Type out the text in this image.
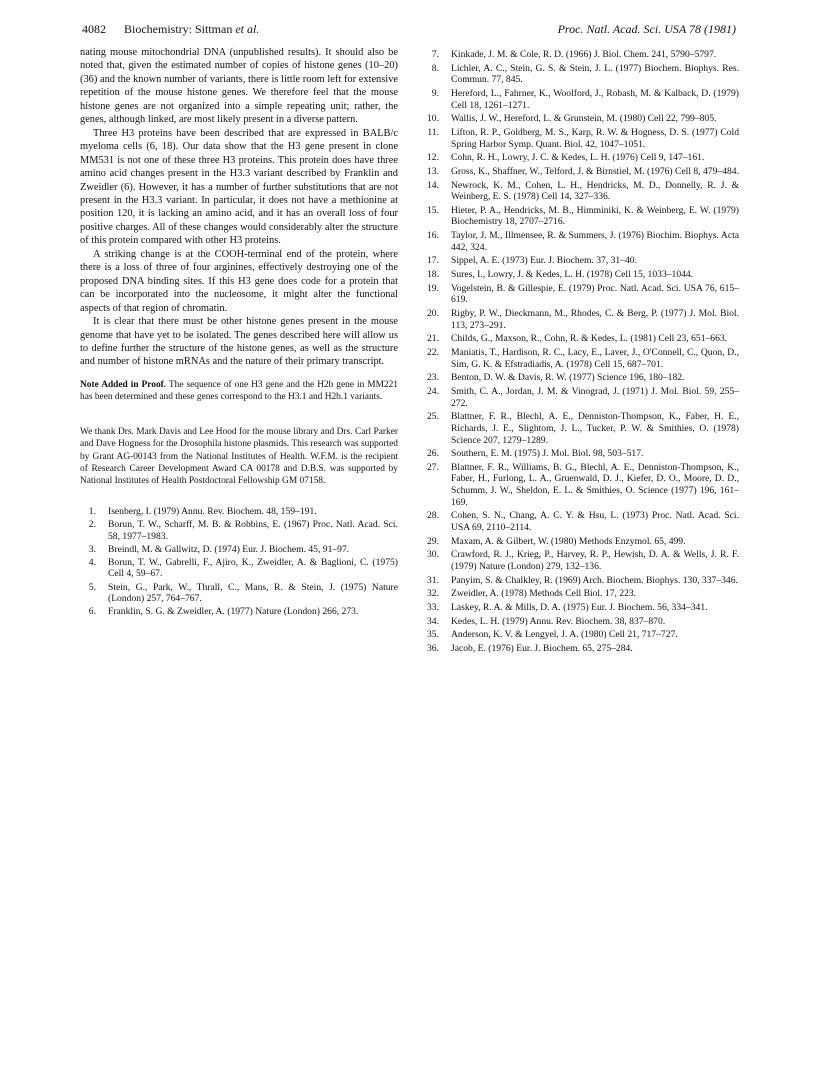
4082 Biochemistry: Sittman et al.	Proc. Natl. Acad. Sci. USA 78 (1981)

nating mouse mitochondrial DNA (unpublished results). It should also be noted that, given the estimated number of copies of histone genes (10–20) (36) and the known number of variants, there is little room left for extensive repetition of the mouse histone genes. We therefore feel that the mouse histone genes are not organized into a simple repeating unit; rather, the genes, although linked, are most likely present in a diverse pattern.

Three H3 proteins have been described that are expressed in BALB/c myeloma cells (6, 18). Our data show that the H3 gene present in clone MM531 is not one of these three H3 proteins. This protein does have three amino acid changes present in the H3.3 variant described by Franklin and Zweidler (6). However, it has a number of further substitutions that are not present in the H3.3 variant. In particular, it does not have a methionine at position 120, it is lacking an amino acid, and it has an overall loss of four positive charges. All of these changes would considerably alter the structure of this protein compared with other H3 proteins.

A striking change is at the COOH-terminal end of the protein, where there is a loss of three of four arginines, effectively destroying one of the proposed DNA binding sites. If this H3 gene does code for a protein that can be incorporated into the nucleosome, it might alter the functional aspects of that region of chromatin.

It is clear that there must be other histone genes present in the mouse genome that have yet to be isolated. The genes described here will allow us to define further the structure of the histone genes, as well as the structure and number of histone mRNAs and the nature of their primary transcript.

Note Added in Proof. The sequence of one H3 gene and the H2b gene in MM221 has been determined and these genes correspond to the H3.1 and H2b.1 variants.

We thank Drs. Mark Davis and Lee Hood for the mouse library and Drs. Carl Parker and Dave Hogness for the Drosophila histone plasmids. This research was supported by Grant AG-00143 from the National Institutes of Health. W.F.M. is the recipient of Research Career Development Award CA 00178 and D.B.S. was supported by National Institutes of Health Postdoctoral Fellowship GM 07158.

1. Isenberg, I. (1979) Annu. Rev. Biochem. 48, 159–191.
2. Borun, T. W., Scharff, M. B. & Robbins, E. (1967) Proc. Natl. Acad. Sci. 58, 1977–1983.
3. Breindl, M. & Gallwitz, D. (1974) Eur. J. Biochem. 45, 91–97.
4. Borun, T. W., Gabrelli, F., Ajiro, K., Zweidler, A. & Baglioni, C. (1975) Cell 4, 59–67.
5. Stein, G., Park, W., Thrall, C., Mans, R. & Stein, J. (1975) Nature (London) 257, 764–767.
6. Franklin, S. G. & Zweidler, A. (1977) Nature (London) 266, 273.
7. Kinkade, J. M. & Cole, R. D. (1966) J. Biol. Chem. 241, 5790–5797.
8. Lichler, A. C., Stein, G. S. & Stein, J. L. (1977) Biochem. Biophys. Res. Commun. 77, 845.
9. Hereford, L., Fahrner, K., Woolford, J., Robash, M. & Kalback, D. (1979) Cell 18, 1261–1271.
10. Wallis, J. W., Hereford, L. & Grunstein, M. (1980) Cell 22, 799–805.
11. Lifton, R. P., Goldberg, M. S., Karp, R. W. & Hogness, D. S. (1977) Cold Spring Harbor Symp. Quant. Biol. 42, 1047–1051.
12. Cohn, R. H., Lowry, J. C. & Kedes, L. H. (1976) Cell 9, 147–161.
13. Gross, K., Shaffner, W., Telford, J. & Birnstiel, M. (1976) Cell 8, 479–484.
14. Newrock, K. M., Cohen, L. H., Hendricks, M. D., Donnelly, R. J. & Weinberg, E. S. (1978) Cell 14, 327–336.
15. Hieter, P. A., Hendricks, M. B., Himminiki, K. & Weinberg, E. W. (1979) Biochemistry 18, 2707–2716.
16. Taylor, J. M., Illmensee, R. & Summers, J. (1976) Biochim. Biophys. Acta 442, 324.
17. Sippel, A. E. (1973) Eur. J. Biochem. 37, 31–40.
18. Sures, I., Lowry, J. & Kedes, L. H. (1978) Cell 15, 1033–1044.
19. Vogelstein, B. & Gillespie, E. (1979) Proc. Natl. Acad. Sci. USA 76, 615–619.
20. Rigby, P. W., Dieckmann, M., Rhodes, C. & Berg, P. (1977) J. Mol. Biol. 113, 273–291.
21. Childs, G., Maxson, R., Cohn, R. & Kedes, L. (1981) Cell 23, 651–663.
22. Maniatis, T., Hardison, R. C., Lacy, E., Laver, J., O'Connell, C., Quon, D., Sim, G. K. & Efstradiadis, A. (1978) Cell 15, 687–701.
23. Benton, D. W. & Davis, R. W. (1977) Science 196, 180–182.
24. Smith, C. A., Jordan, J. M. & Vinograd, J. (1971) J. Mol. Biol. 59, 255–272.
25. Blattner, F. R., Blechl, A. E., Denniston-Thompson, K., Faber, H. E., Richards, J. E., Slightom, J. L., Tucker, P. W. & Smithies, O. (1978) Science 207, 1279–1289.
26. Southern, E. M. (1975) J. Mol. Biol. 98, 503–517.
27. Blattner, F. R., Williams, B. G., Blechl, A. E., Denniston-Thompson, K., Faber, H., Furlong, L. A., Gruenwald, D. J., Kiefer, D. O., Moore, D. D., Schumm, J. W., Sheldon, E. L. & Smithies, O. Science (1977) 196, 161–169.
28. Cohen, S. N., Chang, A. C. Y. & Hsu, L. (1973) Proc. Natl. Acad. Sci. USA 69, 2110–2114.
29. Maxam, A. & Gilbert, W. (1980) Methods Enzymol. 65, 499.
30. Crawford, R. J., Krieg, P., Harvey, R. P., Hewish, D. A. & Wells, J. R. F. (1979) Nature (London) 279, 132–136.
31. Panyim, S. & Chalkley, R. (1969) Arch. Biochem. Biophys. 130, 337–346.
32. Zweidler, A. (1978) Methods Cell Biol. 17, 223.
33. Laskey, R. A. & Mills, D. A. (1975) Eur. J. Biochem. 56, 334–341.
34. Kedes, L. H. (1979) Annu. Rev. Biochem. 38, 837–870.
35. Anderson, K. V. & Lengyel, J. A. (1980) Cell 21, 717–727.
36. Jacob, E. (1976) Eur. J. Biochem. 65, 275–284.
